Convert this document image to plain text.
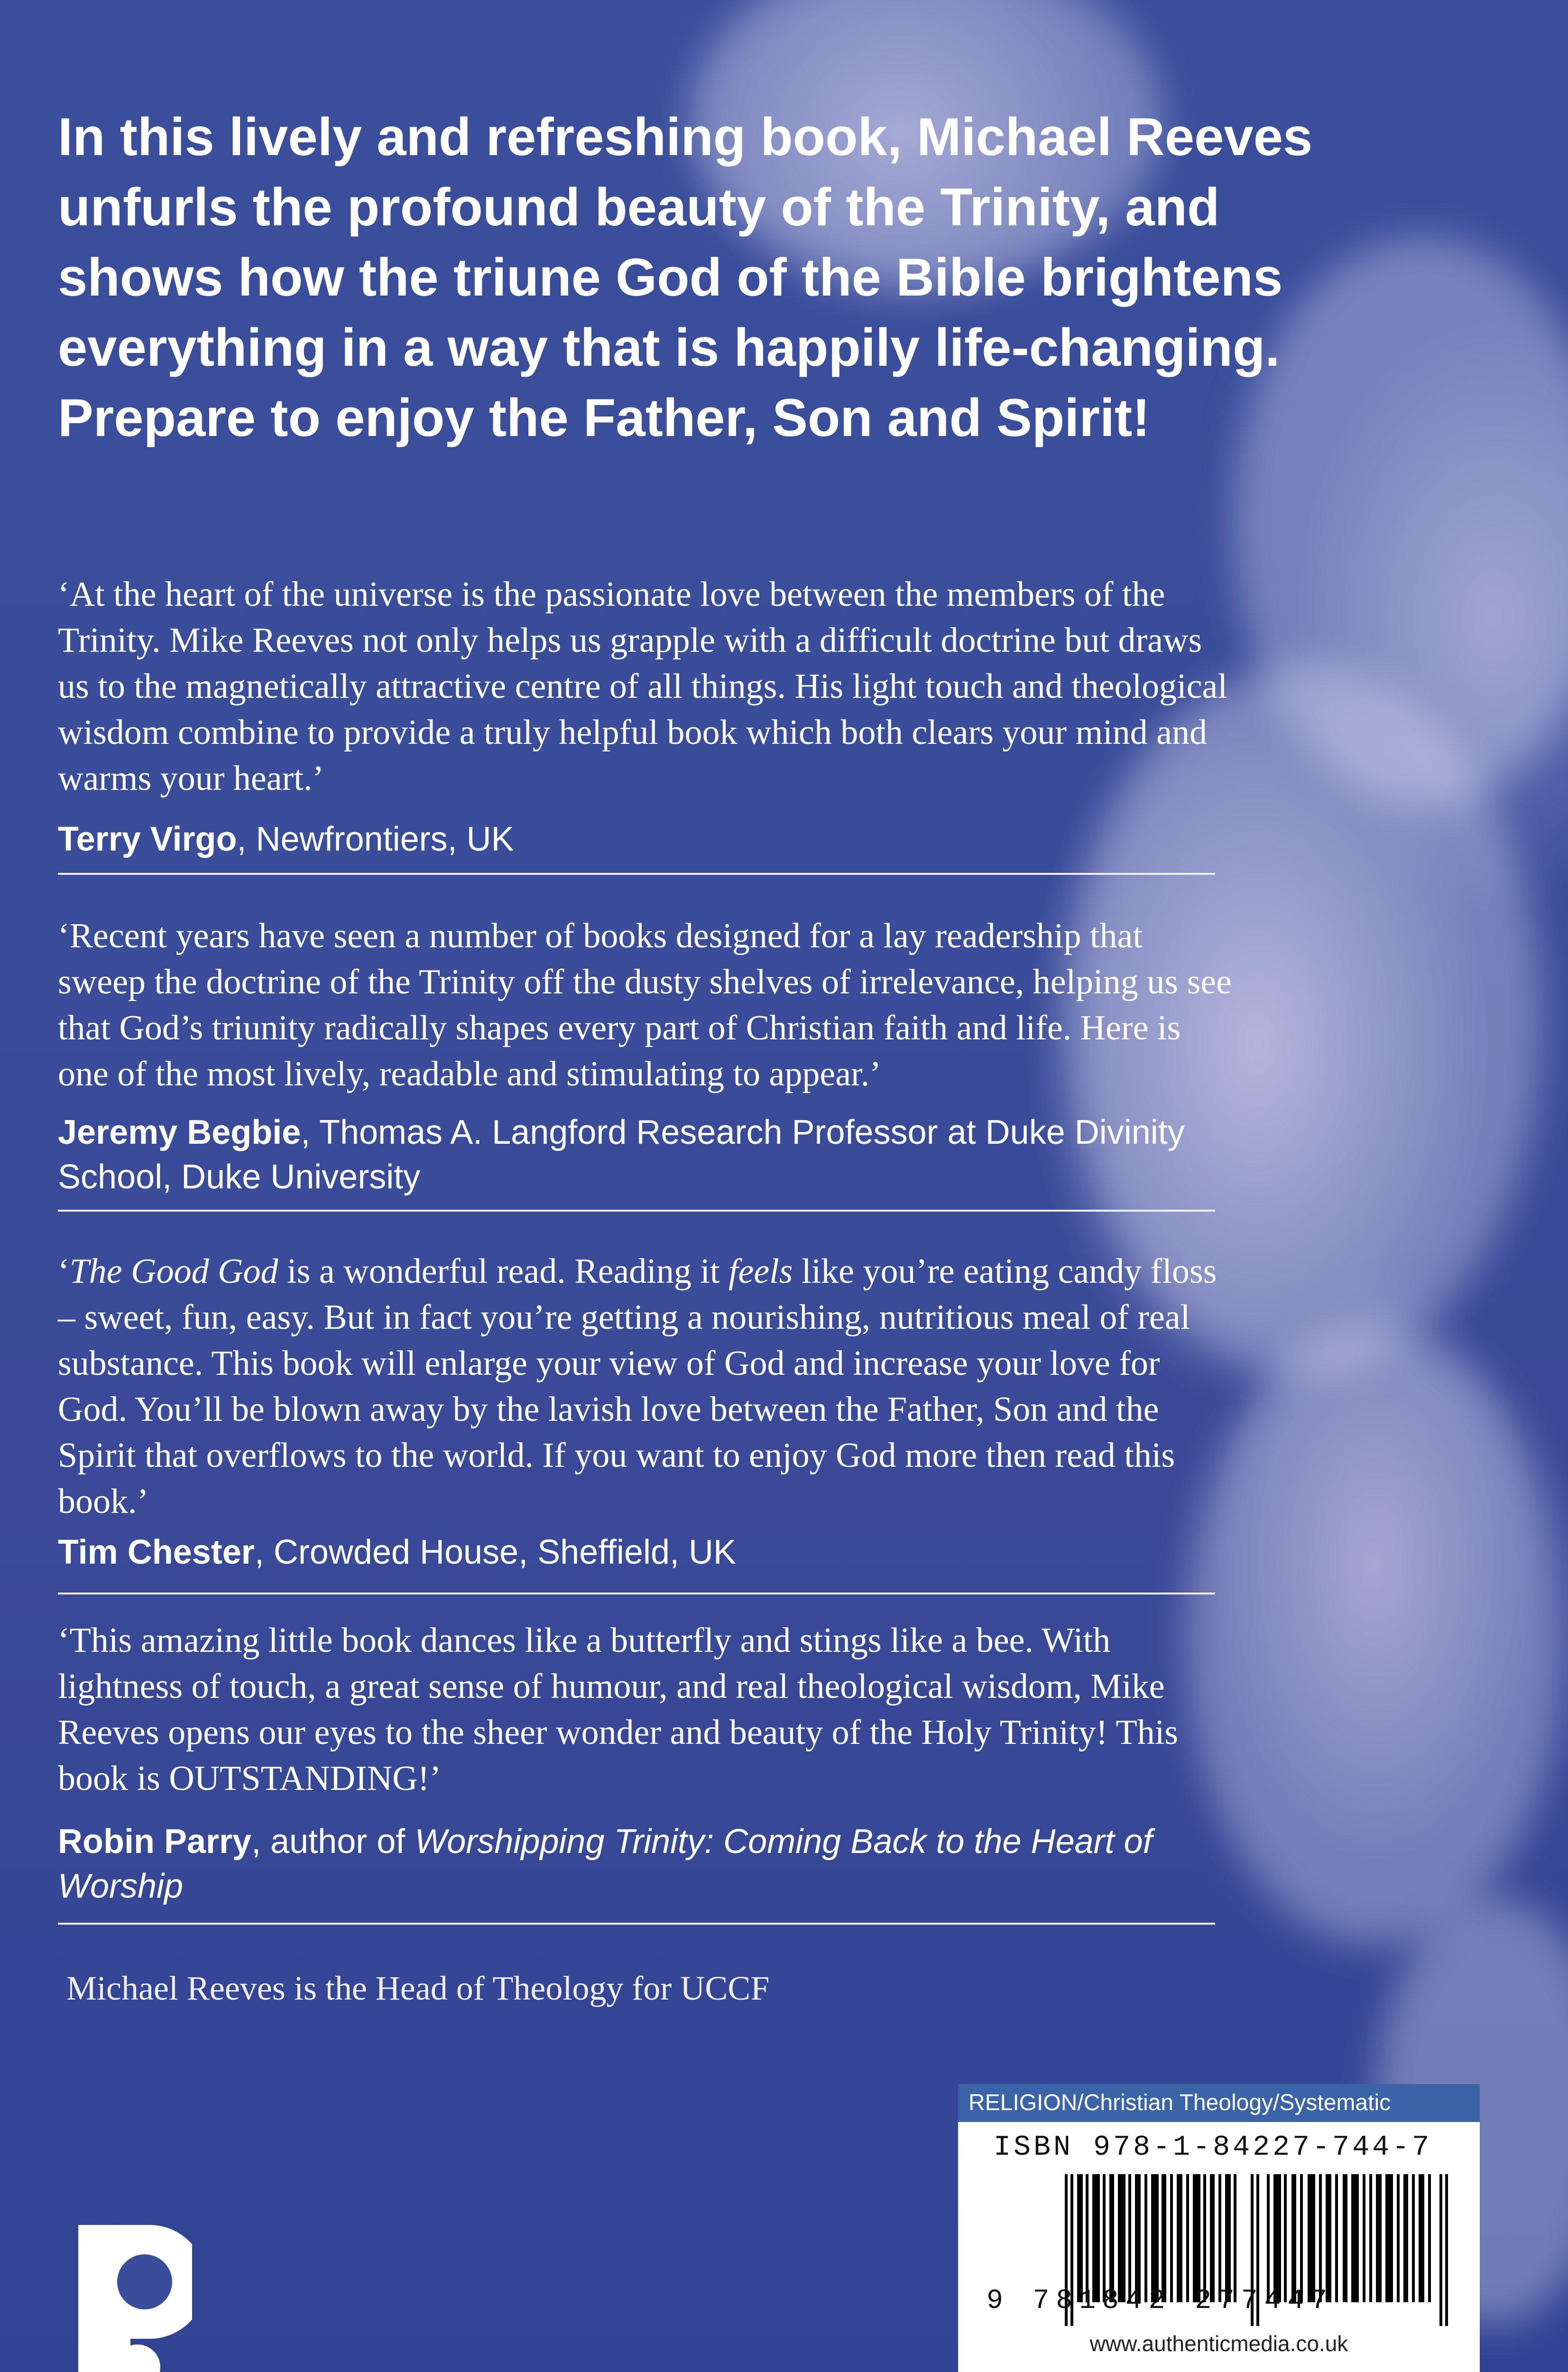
In this lively and refreshing book, Michael Reeves unfurls the profound beauty of the Trinity, and shows how the triune God of the Bible brightens everything in a way that is happily life-changing. Prepare to enjoy the Father, Son and Spirit!

‘At the heart of the universe is the passionate love between the members of the Trinity. Mike Reeves not only helps us grapple with a difficult doctrine but draws us to the magnetically attractive centre of all things. His light touch and theological wisdom combine to provide a truly helpful book which both clears your mind and warms your heart.’

Terry Virgo, Newfrontiers, UK

‘Recent years have seen a number of books designed for a lay readership that sweep the doctrine of the Trinity off the dusty shelves of irrelevance, helping us see that God’s triunity radically shapes every part of Christian faith and life. Here is one of the most lively, readable and stimulating to appear.’

Jeremy Begbie, Thomas A. Langford Research Professor at Duke Divinity School, Duke University

‘The Good God is a wonderful read. Reading it feels like you’re eating candy floss – sweet, fun, easy. But in fact you’re getting a nourishing, nutritious meal of real substance. This book will enlarge your view of God and increase your love for God. You’ll be blown away by the lavish love between the Father, Son and the Spirit that overflows to the world. If you want to enjoy God more then read this book.’

Tim Chester, Crowded House, Sheffield, UK

‘This amazing little book dances like a butterfly and stings like a bee. With lightness of touch, a great sense of humour, and real theological wisdom, Mike Reeves opens our eyes to the sheer wonder and beauty of the Holy Trinity! This book is OUTSTANDING!’

Robin Parry, author of Worshipping Trinity: Coming Back to the Heart of Worship

Michael Reeves is the Head of Theology for UCCF

RELIGION/Christian Theology/Systematic
ISBN 978-1-84227-744-7
9 781842 277447
www.authenticmedia.co.uk
